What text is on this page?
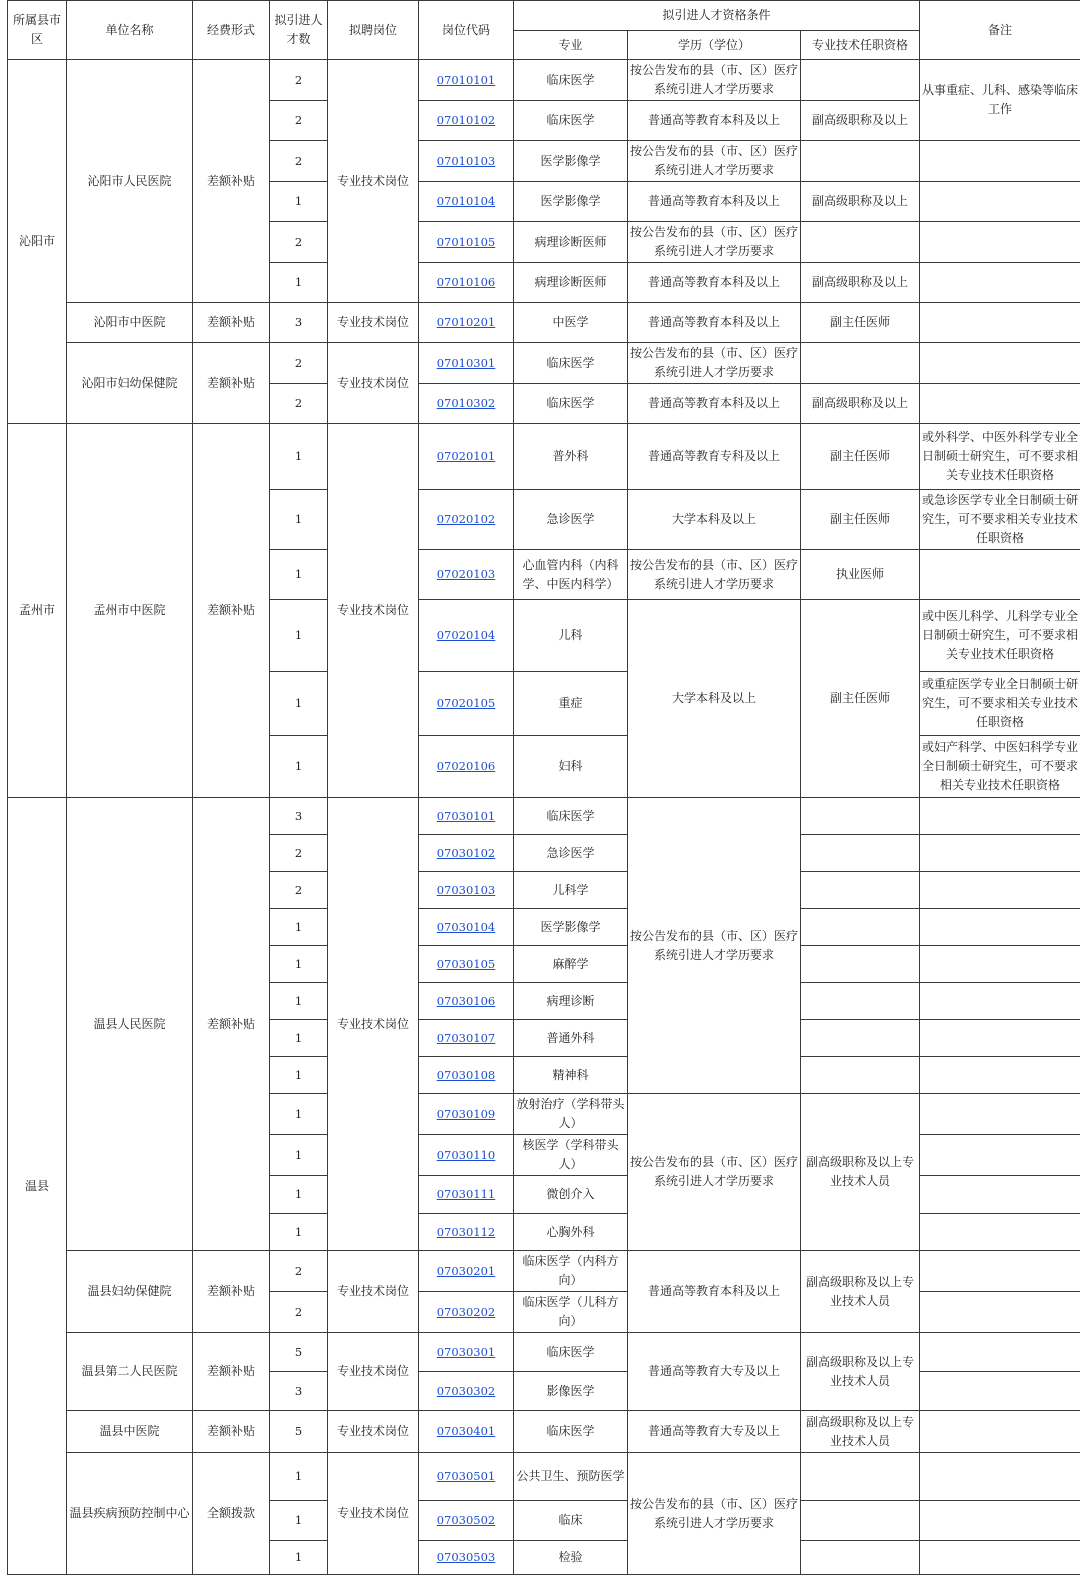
所属县市区	单位名称	经费形式	拟引进人才数	拟聘岗位	岗位代码	拟引进人才资格条件			备注
						专业	学历（学位）	专业技术任职资格	
沁阳市	沁阳市人民医院	差额补贴	2	专业技术岗位	07010101	临床医学	按公告发布的县（市、区）医疗系统引进人才学历要求		从事重症、儿科、感染等临床工作
			2		07010102	临床医学	普通高等教育本科及以上	副高级职称及以上	
			2		07010103	医学影像学	按公告发布的县（市、区）医疗系统引进人才学历要求		
			1		07010104	医学影像学	普通高等教育本科及以上	副高级职称及以上	
			2		07010105	病理诊断医师	按公告发布的县（市、区）医疗系统引进人才学历要求		
			1		07010106	病理诊断医师	普通高等教育本科及以上	副高级职称及以上	
	沁阳市中医院	差额补贴	3	专业技术岗位	07010201	中医学	普通高等教育本科及以上	副主任医师	
	沁阳市妇幼保健院	差额补贴	2	专业技术岗位	07010301	临床医学	按公告发布的县（市、区）医疗系统引进人才学历要求		
			2		07010302	临床医学	普通高等教育本科及以上	副高级职称及以上	
孟州市	孟州市中医院	差额补贴	1	专业技术岗位	07020101	普外科	普通高等教育专科及以上	副主任医师	或外科学、中医外科学专业全日制硕士研究生，可不要求相关专业技术任职资格
			1		07020102	急诊医学	大学本科及以上	副主任医师	或急诊医学专业全日制硕士研究生，可不要求相关专业技术任职资格
			1		07020103	心血管内科（内科学、中医内科学）	按公告发布的县（市、区）医疗系统引进人才学历要求	执业医师	
			1		07020104	儿科	大学本科及以上	副主任医师	或中医儿科学、儿科学专业全日制硕士研究生，可不要求相关专业技术任职资格
			1		07020105	重症			或重症医学专业全日制硕士研究生，可不要求相关专业技术任职资格
			1		07020106	妇科			或妇产科学、中医妇科学专业全日制硕士研究生，可不要求相关专业技术任职资格
温县	温县人民医院	差额补贴	3	专业技术岗位	07030101	临床医学	按公告发布的县（市、区）医疗系统引进人才学历要求		
			2		07030102	急诊医学			
			2		07030103	儿科学			
			1		07030104	医学影像学			
			1		07030105	麻醉学			
			1		07030106	病理诊断			
			1		07030107	普通外科			
			1		07030108	精神科			
			1		07030109	放射治疗（学科带头人）	按公告发布的县（市、区）医疗系统引进人才学历要求	副高级职称及以上专业技术人员	
			1		07030110	核医学（学科带头人）			
			1		07030111	微创介入			
			1		07030112	心胸外科			
	温县妇幼保健院	差额补贴	2	专业技术岗位	07030201	临床医学（内科方向）	普通高等教育本科及以上	副高级职称及以上专业技术人员	
			2		07030202	临床医学（儿科方向）			
	温县第二人民医院	差额补贴	5	专业技术岗位	07030301	临床医学	普通高等教育大专及以上	副高级职称及以上专业技术人员	
			3		07030302	影像医学			
	温县中医院	差额补贴	5	专业技术岗位	07030401	临床医学	普通高等教育大专及以上	副高级职称及以上专业技术人员	
	温县疾病预防控制中心	全额拨款	1	专业技术岗位	07030501	公共卫生、预防医学	按公告发布的县（市、区）医疗系统引进人才学历要求		
			1		07030502	临床			
			1		07030503	检验			
